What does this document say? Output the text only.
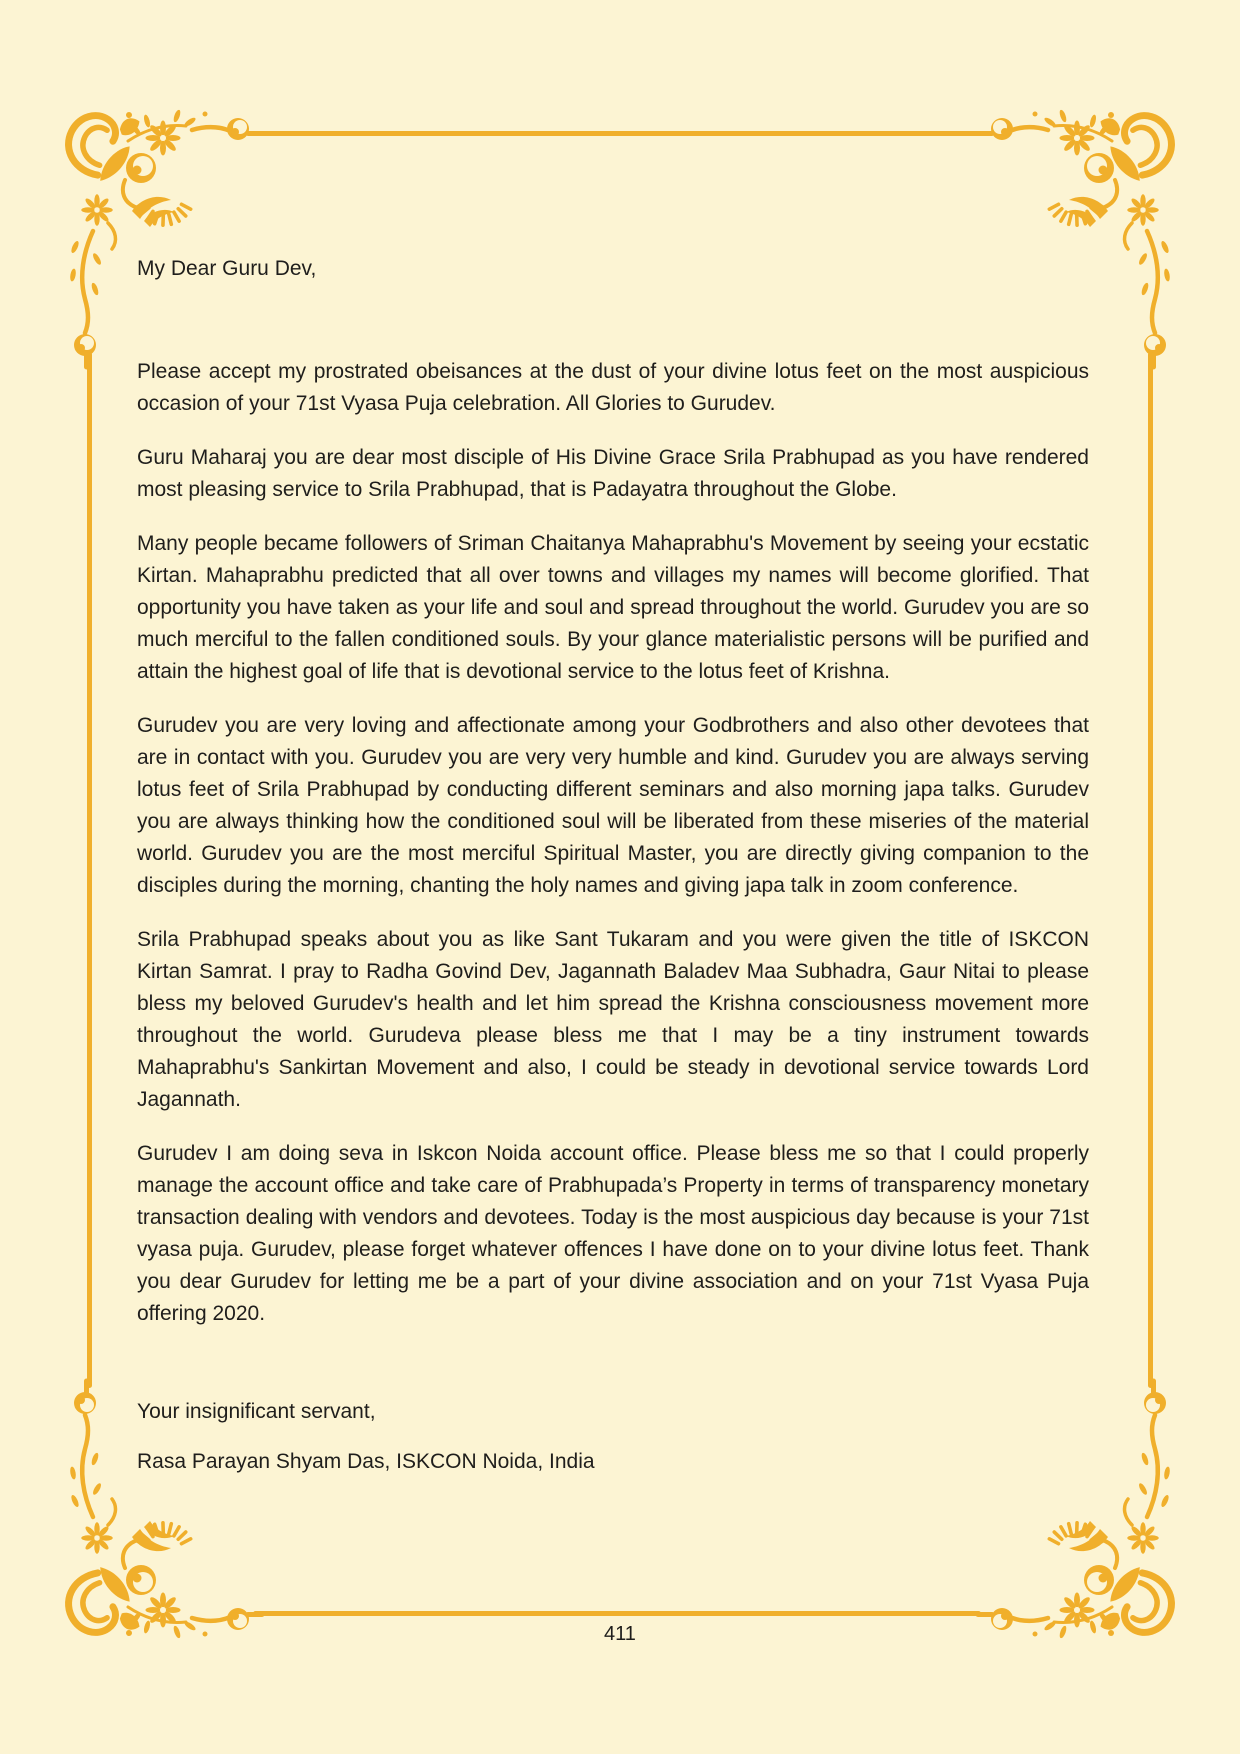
My Dear Guru Dev,

Please accept my prostrated obeisances at the dust of your divine lotus feet on the most auspicious occasion of your 71st Vyasa Puja celebration. All Glories to Gurudev.

Guru Maharaj you are dear most disciple of His Divine Grace Srila Prabhupad as you have rendered most pleasing service to Srila Prabhupad, that is Padayatra throughout the Globe.

Many people became followers of Sriman Chaitanya Mahaprabhu's Movement by seeing your ecstatic Kirtan. Mahaprabhu predicted that all over towns and villages my names will become glorified. That opportunity you have taken as your life and soul and spread throughout the world. Gurudev you are so much merciful to the fallen conditioned souls. By your glance materialistic persons will be purified and attain the highest goal of life that is devotional service to the lotus feet of Krishna.

Gurudev you are very loving and affectionate among your Godbrothers and also other devotees that are in contact with you. Gurudev you are very very humble and kind. Gurudev you are always serving lotus feet of Srila Prabhupad by conducting different seminars and also morning japa talks. Gurudev you are always thinking how the conditioned soul will be liberated from these miseries of the material world. Gurudev you are the most merciful Spiritual Master, you are directly giving companion to the disciples during the morning, chanting the holy names and giving japa talk in zoom conference.

Srila Prabhupad speaks about you as like Sant Tukaram and you were given the title of ISKCON Kirtan Samrat. I pray to Radha Govind Dev, Jagannath Baladev Maa Subhadra, Gaur Nitai to please bless my beloved Gurudev's health and let him spread the Krishna consciousness movement more throughout the world. Gurudeva please bless me that I may be a tiny instrument towards Mahaprabhu's Sankirtan Movement and also, I could be steady in devotional service towards Lord Jagannath.

Gurudev I am doing seva in Iskcon Noida account office. Please bless me so that I could properly manage the account office and take care of Prabhupada’s Property in terms of transparency monetary transaction dealing with vendors and devotees. Today is the most auspicious day because is your 71st vyasa puja. Gurudev, please forget whatever offences I have done on to your divine lotus feet. Thank you dear Gurudev for letting me be a part of your divine association and on your 71st Vyasa Puja offering 2020.

Your insignificant servant,

Rasa Parayan Shyam Das, ISKCON Noida, India

411
